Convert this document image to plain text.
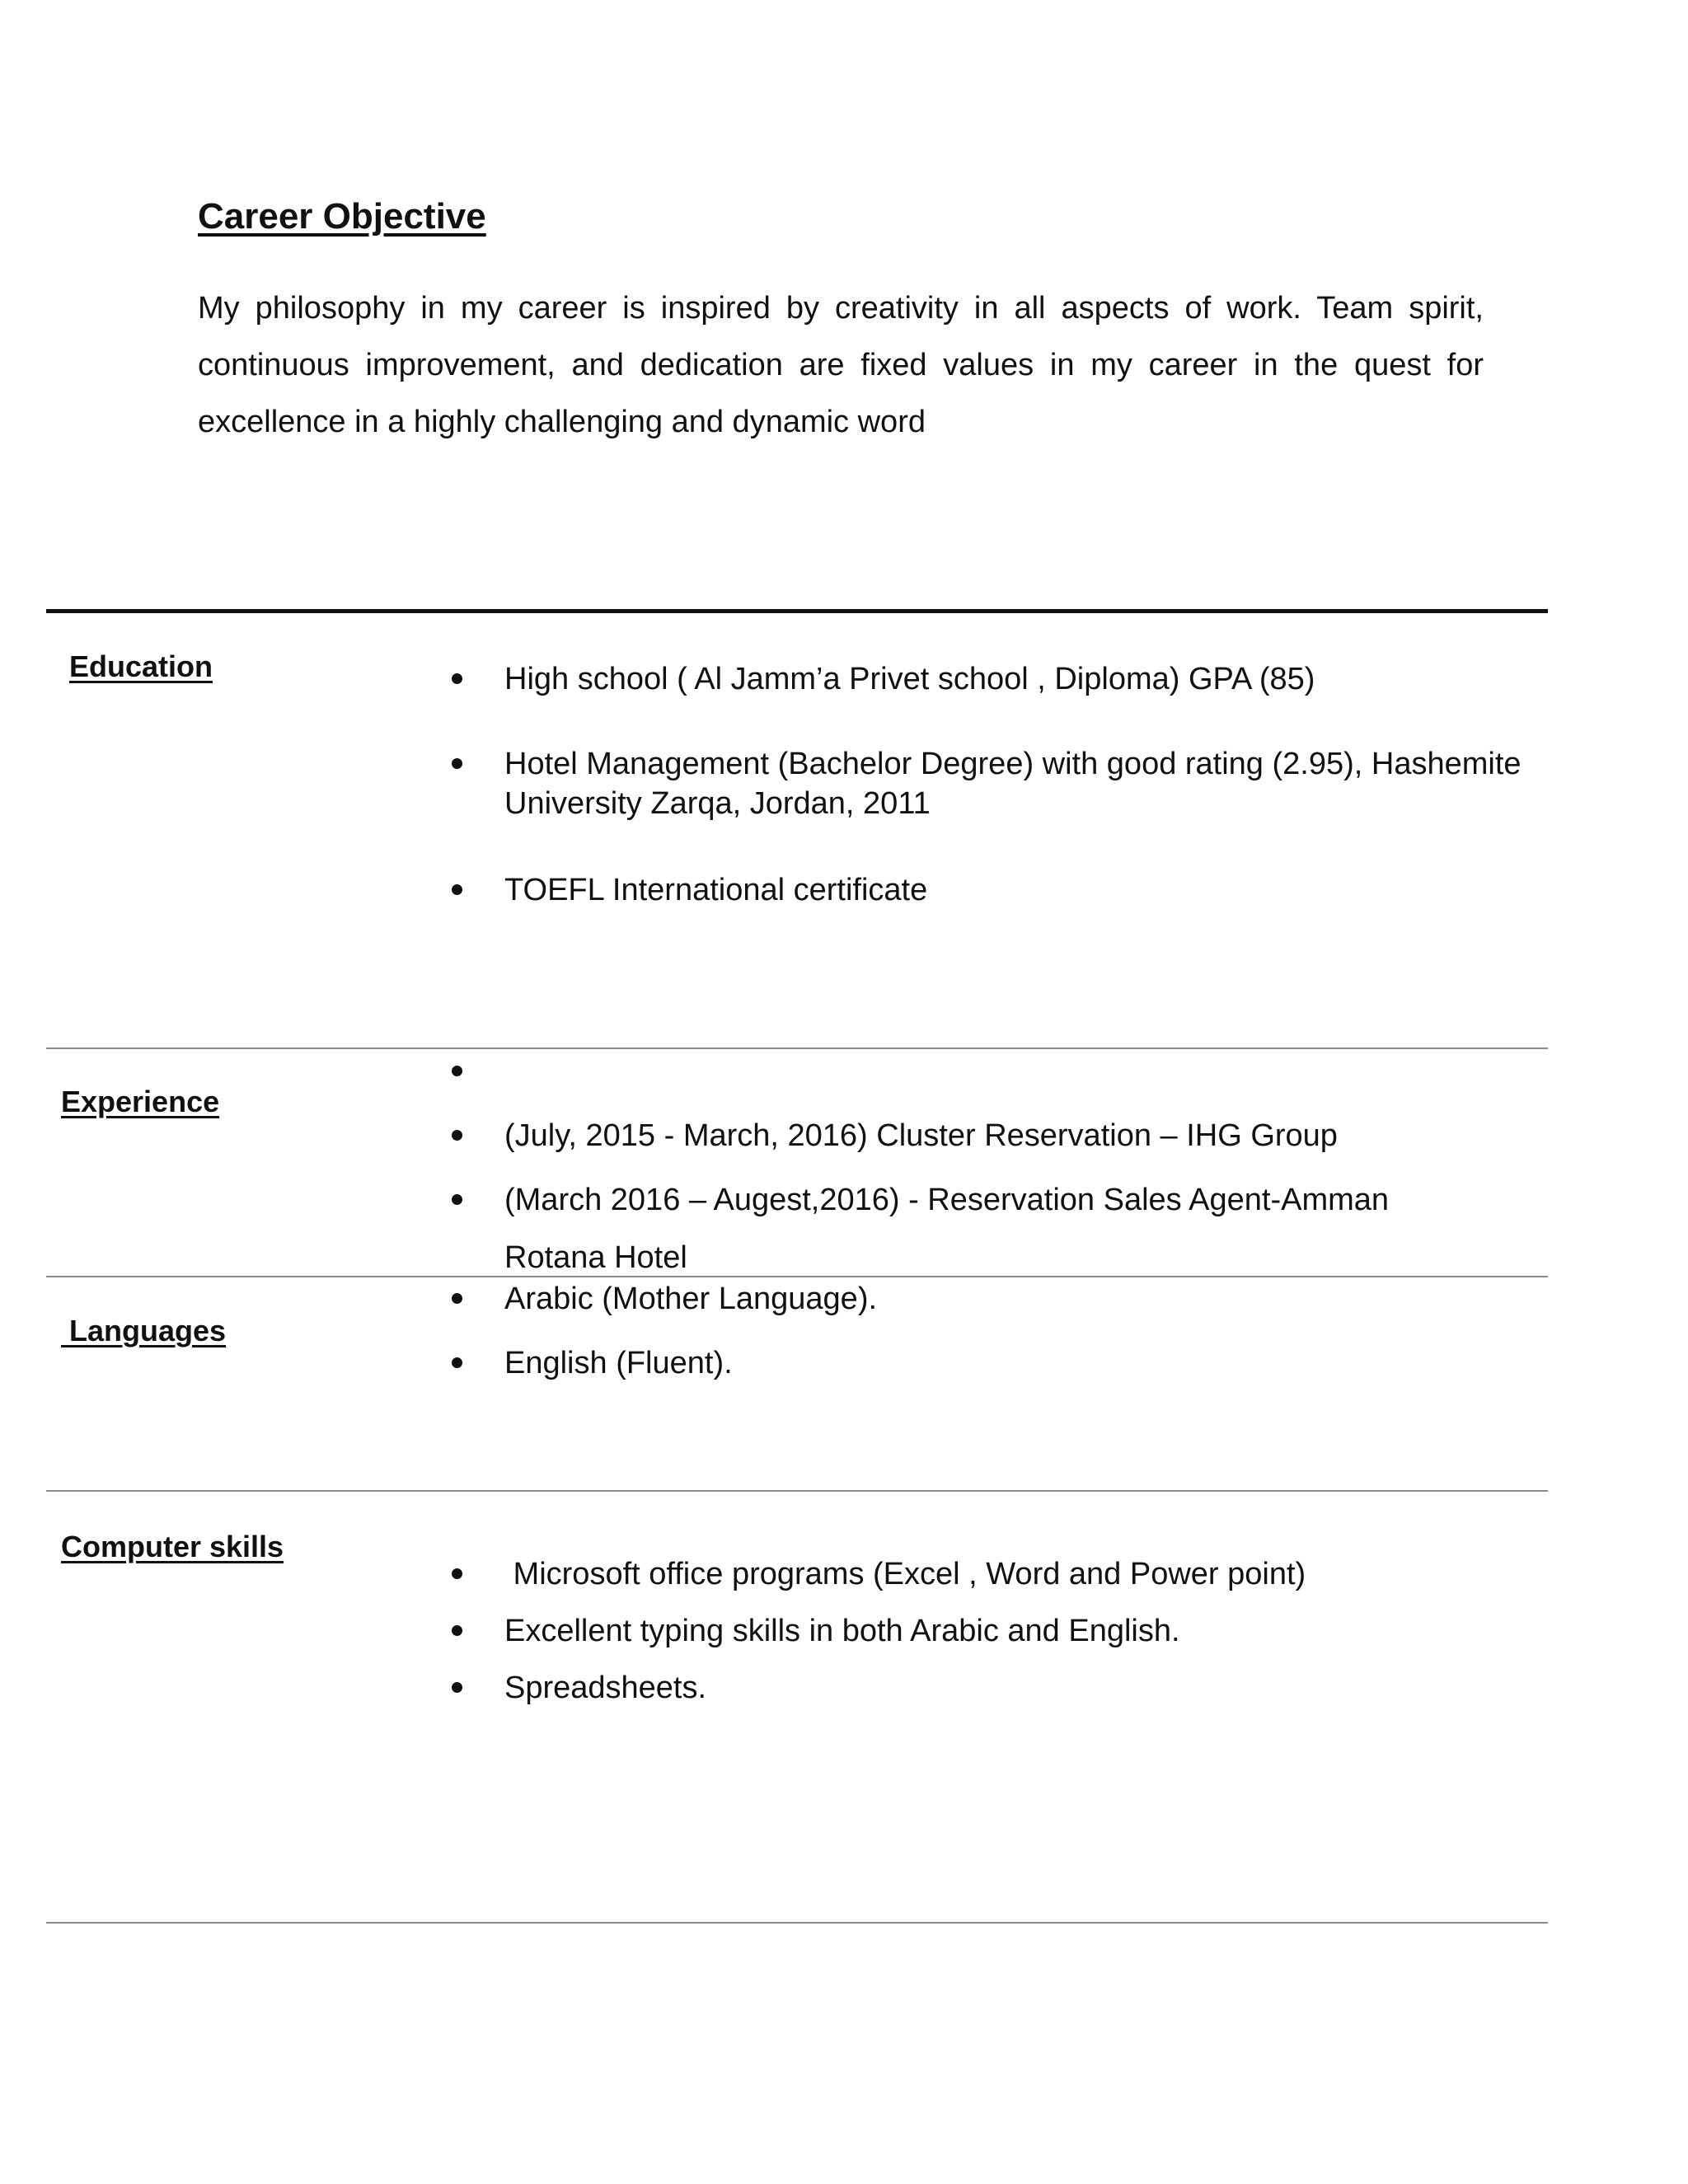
Career Objective

My philosophy in my career is inspired by creativity in all aspects of work. Team spirit, continuous improvement, and dedication are fixed values in my career in the quest for excellence in a highly challenging and dynamic word

Education	High school ( Al Jamm’a Privet school , Diploma) GPA (85)
Hotel Management (Bachelor Degree) with good rating (2.95), Hashemite University Zarqa, Jordan, 2011
TOEFL International certificate
Experience
(July, 2015 - March, 2016) Cluster Reservation – IHG Group
(March 2016 – Augest,2016) - Reservation Sales Agent-Amman
Rotana Hotel
Languages
Arabic (Mother Language).
English (Fluent).
Computer skills
Microsoft office programs (Excel , Word and Power point)
Excellent typing skills in both Arabic and English.
Spreadsheets.
